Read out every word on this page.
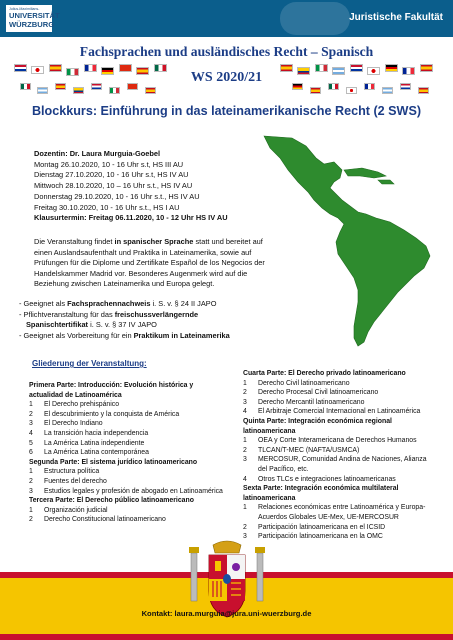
Julius-Maximilians-
UNIVERSITÄT
WÜRZBURG
Juristische Fakultät
Fachsprachen und ausländisches Recht – Spanisch
WS 2020/21
Blockkurs: Einführung in das lateinamerikanische Recht (2 SWS)
Dozentin: Dr. Laura Murguia-Goebel
Montag 26.10.2020, 10 - 16 Uhr s.t, HS III AU
Dienstag 27.10.2020, 10 - 16 Uhr s.t, HS IV AU
Mittwoch 28.10.2020, 10 – 16 Uhr s.t., HS IV AU
Donnerstag 29.10.2020, 10 - 16 Uhr s.t., HS IV AU
Freitag 30.10.2020, 10 - 16 Uhr s.t., HS I AU
Klausurtermin: Freitag 06.11.2020, 10 - 12 Uhr HS IV AU
Die Veranstaltung findet in spanischer Sprache statt und bereitet auf einen Auslandsaufenthalt und Praktika in Lateinamerika, sowie auf Prüfungen für die Diplome und Zertifikate Español de los Negocios der Handelskammer Madrid vor. Besonderes Augenmerk wird auf die Beziehung zwischen Lateinamerika und Europa gelegt.
- Geeignet als Fachsprachennachweis i. S. v. § 24 II JAPO
- Pflichtveranstaltung für das freischussverlängernde
Spanischtertifikat i. S. v. § 37 IV JAPO
- Geeignet als Vorbereitung für ein Praktikum in Lateinamerika
Gliederung der Veranstaltung:
Primera Parte: Introducción: Evolución histórica y
actualidad de Latinoamérica
1	El Derecho prehispánico
2	El descubrimiento y la conquista de América
3	El Derecho Indiano
4	La transición hacia independencia
5	La América Latina independiente
6	La América Latina contemporánea
Segunda Parte: El sistema jurídico latinoamericano
1	Estructura política
2	Fuentes del derecho
3	Estudios legales y profesión de abogado en Latinoamérica
Tercera Parte: El Derecho público latinoamericano
1	Organización judicial
2	Derecho Constitucional latinoamericano
Cuarta Parte: El Derecho privado latinoamericano
1	Derecho Civil latinoamericano
2	Derecho Procesal Civil latinoamericano
3	Derecho Mercantil latinoamericano
4	El Arbitraje Comercial Internacional en Latinoamérica
Quinta Parte: Integración económica regional
latinoamericana
1	OEA y Corte Interamericana de Derechos Humanos
2	TLCAN/T-MEC (NAFTA/USMCA)
3	MERCOSUR, Comunidad Andina de Naciones, Alianza del Pacífico, etc.
4	Otros TLCs e integraciones latinoamericanas
Sexta Parte: Integración económica multilateral
latinoamericana
1	Relaciones económicas entre Latinoamérica y Europa- Acuerdos Globales UE-Mex, UE-MERCOSUR
2	Participación latinoamericana en el ICSID
3	Participación latinoamericana en la OMC
Kontakt: laura.murguia@jura.uni-wuerzburg.de
